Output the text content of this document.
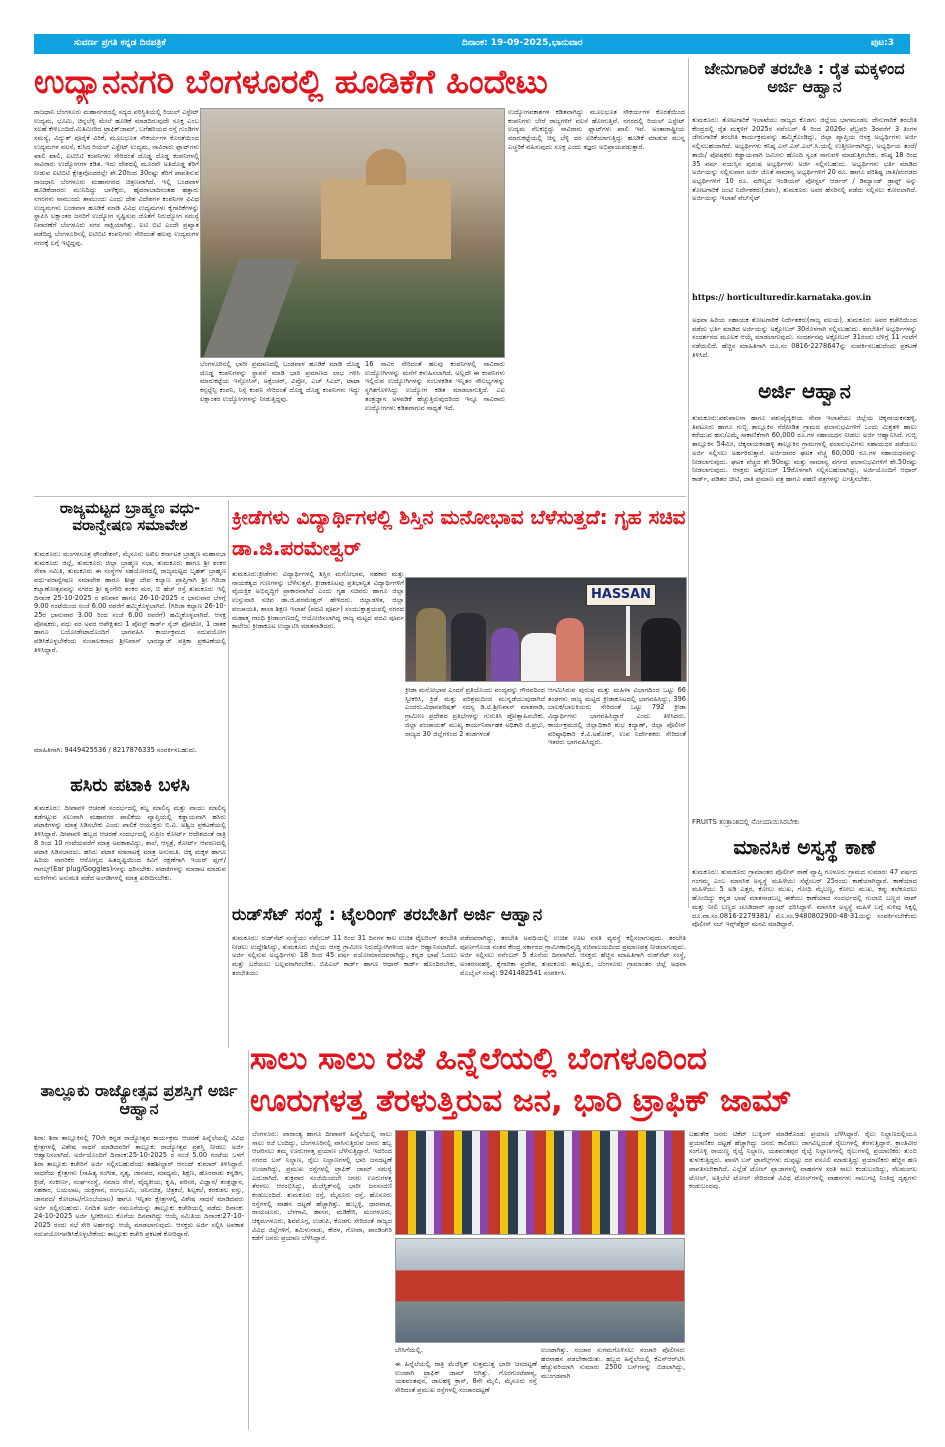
ಸುವರ್ಣ ಪ್ರಗತಿ ಕನ್ನಡ ದಿನಪತ್ರಿಕೆ	ದಿನಾಂಕ: 19-09-2025,ಭಾನುವಾರ	ಪುಟ:3
ಉದ್ಯಾನನಗರಿ ಬೆಂಗಳೂರಲ್ಲಿ ಹೂಡಿಕೆಗೆ ಹಿಂದೇಟು
ರಾಜಧಾನಿ ಬೆಂಗಳೂರು ಮಹಾನಗರದಲ್ಲಿ ಸದ್ಯದ ಪರಿಸ್ಥಿತಿಯಲ್ಲಿ ರಿಯಲ್ ಎಸ್ಟೇಟ್ ಉದ್ಯಮ, ಭೂಮಿ, ಚಿನ್ನಬೆಳ್ಳಿ ಮೇಲೆ ಹೂಡಿಕೆ ಮಾಡದಿರುವುದೇ ಸೂಕ್ತ ಎಂಬ ಸಲಹೆ ಕೇಳಿಬಂದಿದೆ.ಮಿತಿಮೀರಿದ ಟ್ರಾಫಿಕ್‌ಜಾಮ್, ಬಗೆಹರಿಯದ ರಸ್ತೆ ಗುಂಡಿಗಳ ಸಮಸ್ಯೆ, ವಿದ್ಯುತ್ ಪೂರೈಕೆ ವಿರಿಕೆ, ಮೂಲಭೂತ ಸೌಕರ್ಯಗಳ ಕೊರತೆಯಿಂದ ಉದ್ಯಮಗಳ ವಲಸೆ, ಕುಸಿದ ರಿಯಲ್ ಎಸ್ಟೇಟ್ ಉದ್ಯಮ, ಸಾವಿರಾರು ಫ್ಲಾಟ್‌ಗಳು ಖಾಲಿ ಖಾಲಿ, ಐಟಿಬಿಟಿ ಕಂಪನಿಗಳು ಸೇರಿದಂತೆ ದೊಡ್ಡ ದೊಡ್ಡ ಕಂಪನಿಗಳಲ್ಲಿ ಸಾವಿರಾರು ಉದ್ಯೋಗಗಳ ಕಡಿತ. ಇದು ದೇಶದಲ್ಲಿ ಮೂರನೇ ಅತಿದೊಡ್ಡ ತೆರಿಗೆ ನೀಡುವ ಐಟಿಬಿಟಿ ಕ್ಷೇತ್ರವೊಂದರಲ್ಲೇ ಶೇ.20ರಿಂದ 30ರಷ್ಟು ತೆರಿಗೆ ಪಾವತಿಸುವ ರಾಜಧಾನಿ ಬೆಂಗಳೂರು ಮಹಾನಗರದ ಚಿತ್ರಣವಾಗಿದೆ. ಇಲ್ಲಿ ಬಂಡವಾಳ ಹೂಡಿಕೆದಾರರು ಮುನಿದಿದ್ದು ಬಾಳೆಕ್ಕರು, ಹೈದರಾಬಾದಿನಂತಹ ಹತ್ತಾರು ನಗರಗಳು ನಾಮುಂದು ತಾಮುಂದು ಎಂದು ದೇಶ ವಿದೇಶಗಳ ಕಂಪನಿಗಳ ವಿವಿಧ ಉದ್ಯಮಗಳು ಬಂಡವಾಳ ಹೂಡಿಕೆ ಮಾಡಿ ವಿವಿಧ ಉದ್ಯಮಗಳು ಕೈಗಾರಿಕೆಗಳನ್ನು ಸ್ಥಾಪಿಸಿ ಲಕ್ಷಾಂತರ ಜನರಿಗೆ ಉದ್ಯೋಗ ಸೃಷ್ಟಿಸುವ ಜೊತೆಗೆ ನಿರುದ್ಯೋಗ ಸಮಸ್ಯೆ ನಿವಾರಣೆಗೆ ಬೆಂಗಳೂರು ನಗರ ಸಾಕ್ಷಿಯಾಗಿತ್ತು. ಐಟಿ ಬಿಟಿ ಎಂದೇ ಪ್ರಖ್ಯಾತ ಪಡೆದಿದ್ದ ಬೆಂಗಳೂರಿನಲ್ಲಿ ಐಟಿಬಿಟಿ ಕಂಪನಿಗಳು ಸೇರಿದಂತೆ ಹಲವು ಉದ್ಯಮಗಳ ನಗರಕ್ಕೆ ಲಗ್ಗೆ ಇಟ್ಟಿದ್ದವು.
ಬೆಂಗಳೂರಿನಲ್ಲಿ ಭಾರೀ ಪ್ರಮಾಣದಲ್ಲಿ ಬಂಡವಾಳ ಹೂಡಿಕೆ ಮಾಡಿ ದೊಡ್ಡ ದೊಡ್ಡ ಕಂಪನಿಗಳನ್ನು ಸ್ಥಾಪನೆ ಮಾಡಿ ಭಾರಿ ಪ್ರಮಾಣದ ಲಾಭ ಗಳಿಸಿ ಮಾರುಕಟ್ಟೆಯ ಇನ್ಫೋಸಿಸ್, ಅಕ್ಸೆಂಚರ್, ವಿಪ್ರೋ, ಎಚ್ ಸಿಎಲ್, ಟಾಟಾ ಕನ್ಸಲ್ಟೆನ್ಸಿ ಕಂಪನಿ, ನಿಸ್ಸೆ ಕಂಪನಿ ಸೇರಿದಂತೆ ದೊಡ್ಡ ದೊಡ್ಡ ಕಂಪನಿಗಳು ಇದ್ದು ಲಕ್ಷಾಂತರ ಉದ್ಯೋಗಗಳನ್ನು ನೀಡುತ್ತಿದ್ದವು.
16 ಸಾವಿರ ಸೇರಿದಂತೆ ಹಲವು ಕಂಪನಿಗಳಲ್ಲಿ ಸಾವಿರಾರು ಉದ್ಯೋಗಿಗಳನ್ನು ಮನೆಗೆ ಕಳುಹಿಸಲಾಗಿದೆ. ಅಲ್ಲದೇ ಈ ಕಂಪನಿಗಳು ಇಲ್ಲಿರುವ ಉದ್ಯೋಗಿಗಳನ್ನು ಸಂಬಳಕಡಿತ ಇನ್ನಿತರ ಸೌಲಭ್ಯಗಳನ್ನು ಸ್ಥಗಿತಗೊಳಿಸಿದ್ದು ಉದ್ಯೋಗ ಕಡಿತ ಮಾಡಲಾಗುತ್ತಿದೆ. ಎಐ ತಂತ್ರಜ್ಞಾನ ಅಳವಡಿಕೆ ಹೆಚ್ಚುತ್ತಿರುವುದರಿಂದ ಇನ್ನೂ ಸಾವಿರಾರು ಉದ್ಯೋಗಗಳು ಕಡಿತವಾಗುವ ಸಾಧ್ಯತೆ ಇದೆ.
ಉದ್ಯೋಗವಕಾಶಗಳ ಕಡಿತವಾಗಿದ್ದು ಮೂಲಭೂತ ಸೌಕರ್ಯಗಳ ಕೊರತೆಯಿಂದ ಕಂಪನಿಗಳು ಬೇರೆ ರಾಜ್ಯಗಳಿಗೆ ವಲಸೆ ಹೋಗುತ್ತಿವೆ. ನಗರದಲ್ಲಿ ರಿಯಲ್ ಎಸ್ಟೇಟ್ ಉದ್ಯಮ ನೆಲಕಚ್ಚಿದ್ದು ಸಾವಿರಾರು ಫ್ಲಾಟ್‌ಗಳು ಖಾಲಿ ಇವೆ. ಅಂತಾರಾಷ್ಟ್ರೀಯ ಮಾರುಕಟ್ಟೆಯಲ್ಲಿ ಚಿನ್ನ ಬೆಳ್ಳಿ ದರ ಏರಿಕೆಯಾಗುತ್ತಿದ್ದು ಹೂಡಿಕೆ ಮಾಡುವ ಮುನ್ನ ಎಚ್ಚರಿಕೆ ವಹಿಸುವುದು ಸೂಕ್ತ ಎಂದು ತಜ್ಞರು ಅಭಿಪ್ರಾಯಪಡುತ್ತಾರೆ.
ಜೇನುಗಾರಿಕೆ ತರಬೇತಿ : ರೈತ ಮಕ್ಕಳಿಂದ ಅರ್ಜಿ ಆಹ್ವಾನ
ತುಮಕೂರು: ತೋಟಗಾರಿಕೆ ಇಲಾಖೆಯು ರಾಜ್ಯದ ಕೊಡಗು ಜಿಲ್ಲೆಯ ಭಾಗಮಂಡಲ ಜೇನುಗಾರಿಕೆ ತರಬೇತಿ ಕೇಂದ್ರದಲ್ಲಿ ರೈತ ಮಕ್ಕಳಿಗೆ 2025ರ ನವೆಂಬರ್ 4 ರಿಂದ 2026ರ ಫೆಬ್ರವರಿ 3ರವರೆಗೆ 3 ತಿಂಗಳ ಜೇನುಗಾರಿಕೆ ತರಬೇತಿ ಕಾರ್ಯಕ್ರಮವನ್ನು ಹಮ್ಮಿಕೊಂಡಿದ್ದು, ಜಿಲ್ಲಾ ವ್ಯಾಪ್ತಿಯ ಆಸಕ್ತ ಅಭ್ಯರ್ಥಿಗಳು ಅರ್ಜಿ ಸಲ್ಲಿಸಬಹುದಾಗಿದೆ. ಅಭ್ಯರ್ಥಿಗಳು ಕನಿಷ್ಠ ಎಸ್.ಎಸ್.ಎಲ್.ಸಿ.ಯಲ್ಲಿ ಉತ್ತೀರ್ಣರಾಗಿದ್ದು, ಅಭ್ಯರ್ಥಿಯ ತಂದೆ/ತಾಯಿ/ ಪೋಷಕರು ಕಡ್ಡಾಯವಾಗಿ ಜಮೀನು ಹೊಂದಿ ಸ್ವಂತ ಸಾಗುವಳಿ ಮಾಡುತ್ತಿರಬೇಕು. ಕನಿಷ್ಠ 18 ರಿಂದ 35 ವರ್ಷ ವಯಸ್ಸಿನ ಪುರುಷ ಅಭ್ಯರ್ಥಿಗಳು ಅರ್ಜಿ ಸಲ್ಲಿಸಬಹುದು. ಅಭ್ಯರ್ಥಿಗಳು ಭರ್ತಿ ಮಾಡಿದ ಅರ್ಜಿಯನ್ನು ಸಲ್ಲಿಸುವಾಗ ಅರ್ಜಿ ಜೊತೆ ಸಾಮಾನ್ಯ ಅಭ್ಯರ್ಥಿಗಳಿಗೆ 20 ರೂ. ಹಾಗೂ ಪರಿಶಿಷ್ಟ ಜಾತಿ/ಪಂಗಡದ ಅಭ್ಯರ್ಥಿಗಳಿಗೆ 10 ರೂ. ಮೌಲ್ಯದ ಇಂಡಿಯನ್ ಪೋಸ್ಟಲ್ ಆರ್ಡರ್ / ಡಿಮ್ಯಾಂಡ್ ಡ್ರಾಫ್ಟ್ ಅನ್ನು ತೋಟಗಾರಿಕೆ ಜಂಟಿ ನಿರ್ದೇಶಕರು(ಜಿಪಂ), ತುಮಕೂರು ಅವರ ಹೆಸರಿನಲ್ಲಿ ಪಡೆದು ಸಲ್ಲಿಸಲು ಕೋರಲಾಗಿದೆ. ಅರ್ಜಿಯನ್ನು ಇಲಾಖೆ ವೆಬ್‌ಸೈಟ್
https:// horticulturedir.karnataka.gov.in
ಅಥವಾ ಹಿರಿಯ ಸಹಾಯಕ ತೋಟಗಾರಿಕೆ ನಿರ್ದೇಶಕರು(ರಾಜ್ಯ ವಲಯ), ತುಮಕೂರು ಅವರ ಕಚೇರಿಯಿಂದ ಪಡೆದು ಭರ್ತಿ ಮಾಡಿದ ಅರ್ಜಿಯನ್ನು ಅಕ್ಟೋಬರ್ 30ರೊಳಗಾಗಿ ಸಲ್ಲಿಸಬಹುದು. ತರಬೇತಿಗೆ ಅಭ್ಯರ್ಥಿಗಳನ್ನು ಸಂದರ್ಶನದ ಮೂಲಕ ಆಯ್ಕೆ ಮಾಡಲಾಗುವುದು. ಸಂದರ್ಶನವು ಅಕ್ಟೋಬರ್ 31ರಂದು ಬೆಳಿಗ್ಗೆ 11 ಗಂಟೆಗೆ ನಡೆಯಲಿದೆ. ಹೆಚ್ಚಿನ ಮಾಹಿತಿಗಾಗಿ ದೂ.ಸಂ 0816-2278647ನ್ನು ಸಂಪರ್ಕಿಸಬಹುದೆಂದು ಪ್ರಕಟಣೆ ತಿಳಿಸಿದೆ.
ಅರ್ಜಿ ಆಹ್ವಾನ
ತುಮಕೂರು:ಪಶುಪಾಲನಾ ಹಾಗೂ ಪಶುವೈದ್ಯಕೀಯ ಸೇವಾ ಇಲಾಖೆಯು ಜಿಲ್ಲೆಯ ಚಿಕ್ಕನಾಯಕನಹಳ್ಳಿ, ತಿಪಟೂರು ಹಾಗೂ ಗುಬ್ಬಿ ತಾಲ್ಲೂಕಿನ ನೆರೆಪೀಡಿತ ಗ್ರಾಮದ ಫಲಾನುಭವಿಗಳಿಗೆ ಒಂದು ಮಿಶ್ರತಳಿ ಹಾಲು ಕರೆಯುವ ಹಸು/ಎಮ್ಮೆ ಸಾಕಾಣಿಕೆಗಾಗಿ 60,000 ರೂ.ಗಳ ಸಹಾಯಧನ ನೀಡಲು ಅರ್ಜಿ ಆಹ್ವಾನಿಸಿದೆ. ಗುಬ್ಬಿ ತಾಲ್ಲೂಕಿನ 54ಮೀ, ಚಿಕ್ಕನಾಯಕನಹಳ್ಳಿ ತಾಲ್ಲೂಕಿನ ಗ್ರಾಮಗಳಲ್ಲಿ ಫಲಾನುಭವಿಗಳು ಸಹಾಯಧನ ಪಡೆಯಲು ಅರ್ಜಿ ಸಲ್ಲಿಸಲು ಅರ್ಹರಿರುತ್ತಾರೆ. ಅರ್ಜಿದಾರರ ಘಟಕ ವೆಚ್ಚ 60,000 ರೂ.ಗಳ ಸಹಾಯಧನವನ್ನು ನೀಡಲಾಗುವುದು. ಘಟಕ ವೆಚ್ಚದ ಶೇ.90ರಷ್ಟು ಮತ್ತು ಸಾಮಾನ್ಯ ವರ್ಗದ ಫಲಾನುಭವಿಗಳಿಗೆ ಶೇ.50ರಷ್ಟು ನೀಡಲಾಗುವುದು. ಆಸಕ್ತರು ಅಕ್ಟೋಬರ್ 19ರೊಳಗಾಗಿ ಸಲ್ಲಿಸಬಹುದಾಗಿದ್ದು, ಅರ್ಜಿಯೊಂದಿಗೆ ಆಧಾರ್ ಕಾರ್ಡ್, ಪಡಿತರ ಚೀಟಿ, ಜಾತಿ ಪ್ರಮಾಣ ಪತ್ರ ಹಾಗೂ ಪಹಣಿ ಪತ್ರಗಳನ್ನು ಲಗತ್ತಿಸಬೇಕು.
FRUITS ತಂತ್ರಾಂಶದಲ್ಲಿ ನೋಂದಾಯಿಸಿರಬೇಕು
ಮಾನಸಿಕ ಅಸ್ವಸ್ಥೆ ಕಾಣೆ
ತುಮಕೂರು: ತುಮಕೂರು ಗ್ರಾಮಾಂತರ ಪೊಲೀಸ್ ಠಾಣೆ ವ್ಯಾಪ್ತಿ ಗೂಳೂರು ಗ್ರಾಮದ ಸುಮಾರು 47 ವರ್ಷದ ಗಂಗಮ್ಮ ಎಂಬ ಮಾನಸಿಕ ಅಸ್ವಸ್ಥೆ ಮಹಿಳೆಯು ಸೆಪ್ಟೆಂಬರ್ 25ರಂದು ಕಾಣೆಯಾಗಿದ್ದಾರೆ. ಕಾಣೆಯಾದ ಮಹಿಳೆಯು 5 ಅಡಿ ಎತ್ತರ, ಕೋಲು ಮುಖ, ಗೋಧಿ ಮೈಬಣ್ಣ, ಕೋಲು ಮುಖ, ಕಪ್ಪು ತಲೆಕೂದಲು ಹೊಂದಿದ್ದು ಕನ್ನಡ ಭಾಷೆ ಮಾತನಾಡಬಲ್ಲ ಈಕೆಯು ಕಾಣೆಯಾದ ಸಂದರ್ಭದಲ್ಲಿ ಗುಲಾಬಿ ಬಣ್ಣದ ಟಾಪ್ ಮತ್ತು ನೀಲಿ ಬಣ್ಣದ ಚೂಡಿದಾರ್ ಪ್ಯಾಂಟ್ ಧರಿಸಿದ್ದಾಳೆ. ಮಾನಸಿಕ ಅಸ್ವಸ್ಥೆ ಮಹಿಳೆ ಬಗ್ಗೆ ಸುಳಿವು ಸಿಕ್ಕಲ್ಲಿ ದೂ.ವಾ.ಸಂ.0816-2279381/ ಮೊ.ಸಂ.9480802900-48-31ಯನ್ನು ಸಂಪರ್ಕಿಸಬೇಕೆಂದು ಪೊಲೀಸ್ ಸಬ್ ಇನ್ಸ್‌ಪೆಕ್ಟರ್ ಮನವಿ ಮಾಡಿದ್ದಾರೆ.
ರಾಜ್ಯಮಟ್ಟದ ಬ್ರಾಹ್ಮಣ ವಧು-ವರಾನ್ವೇಷಣ ಸಮಾವೇಶ
ತುಮಕೂರು: ಮಂಗಳಸೂತ್ರ ಫೌಂಡೇಶನ್, ಮೈಸೂರು ಅಖಿಲ ಕರ್ನಾಟಕ ಬ್ರಾಹ್ಮಣ ಮಹಾಸಭಾ ತುಮಕೂರು ಜಿಲ್ಲೆ, ತುಮಕೂರು ಜಿಲ್ಲಾ ಬ್ರಾಹ್ಮಣ ಸಭಾ, ತುಮಕೂರು ಹಾಗೂ ಶ್ರೀ ಶಂಕರ ಸೇವಾ ಸಮಿತಿ, ತುಮಕೂರು ಈ ಸಂಸ್ಥೆಗಳ ಸಹಯೋಗದಲ್ಲಿ ರಾಜ್ಯಮಟ್ಟದ ಬೃಹತ್ ಬ್ರಾಹ್ಮಣ ವಧು-ವರಾನ್ವೇಷಣ ಸಮಾವೇಶ ಹಾಗೂ ಶೀಘ್ರ ದೇವ ಕಲ್ಯಾಣ ಪ್ರಾಪ್ತಿಗಾಗಿ ಶ್ರೀ ಗಿರಿಜಾ ಕಲ್ಯಾಣೋತ್ಸವವನ್ನು ನಗರದ ಶ್ರೀ ಶೃಂಗೇರಿ ಶಂಕರ ಮಠ, ಬಿ ಹೆಚ್ ರಸ್ತೆ ತುಮಕೂರು ಇಲ್ಲಿ ದಿನಾಂಕ 25-10-2025 ರ ಶನಿವಾರ ಹಾಗೂ 26-10-2025 ರ ಭಾನುವಾರ ಬೆಳಗ್ಗೆ 9.00 ಗಂಟೆಯಿಂದ ಸಂಜೆ 6.00 ರವರೆಗೆ ಹಮ್ಮಿಕೊಳ್ಳಲಾಗಿದೆ. (ಗಿರಿಜಾ ಕಲ್ಯಾಣ 26-10-25ರ ಭಾನುವಾರ 3.00 ರಿಂದ ಸಂಜೆ 6.00 ರವರೆಗೆ) ಹಮ್ಮಿಕೊಳ್ಳಲಾಗಿದೆ. ಆಸಕ್ತ ಪೋಷಕರು, ವಧು ವರ ಅವರ ಆಪೇಕ್ಷಿತರು 1 ಪೋಸ್ಟ್ ಕಾರ್ಡ್ ಸೈಜ್ ಫೋಟೋ, 1 ಜಾತಕ ಹಾಗೂ ಬಯೋಡೇಟಾದೊಂದಿಗೆ ಭಾಗವಹಿಸಿ ಕಾರ್ಯಕ್ರಮದ ಸದುಪಯೋಗ ಪಡಿಸಿಕೊಳ್ಳಬೇಕೆಂದು ಸಂಚಾಲಕರಾದ ಶ್ರೀನಿವಾಸ್ ಭಾರದ್ವಾಜ್ ಪತ್ರಿಕಾ ಪ್ರಕಟಣೆಯಲ್ಲಿ ತಿಳಿಸಿದ್ದಾರೆ.
ಮಾಹಿತಿಗಾಗಿ: 9449425536 / 8217876335 ಸಂಪರ್ಕಿಸಬಹುದು.
ಹಸಿರು ಪಟಾಕಿ ಬಳಸಿ
ತುಮಕೂರು: ದೀಪಾವಳಿ ಆಚರಣೆ ಸಂದರ್ಭದಲ್ಲಿ ಶಬ್ದ ಮಾಲಿನ್ಯ ಮತ್ತು ವಾಯು ಮಾಲಿನ್ಯ ತಡೆಗಟ್ಟುವ ಸಲುವಾಗಿ ಮಹಾನಗರ ಪಾಲಿಕೆಯ ವ್ಯಾಪ್ತಿಯಲ್ಲಿ ಕಡ್ಡಾಯವಾಗಿ ಹಸಿರು ಪಟಾಕಿಗಳನ್ನು ಮಾತ್ರ ಸಿಡಿಸಬೇಕು ಎಂದು ಪಾಲಿಕೆ ಆಯುಕ್ತರು ಬಿ.ವಿ. ಅಶ್ವಿಜ ಪ್ರಕಟಣೆಯಲ್ಲಿ ತಿಳಿಸಿದ್ದಾರೆ. ದೀಪಾವಳಿ ಹಬ್ಬದ ಆಚರಣೆ ಸಂದರ್ಭದಲ್ಲಿ ಸುಪ್ರೀಂ ಕೋರ್ಟ್ ಆದೇಶದಂತೆ ರಾತ್ರಿ 8 ರಿಂದ 10 ಗಂಟೆಯವರೆಗೆ ಮಾತ್ರ ಅವಕಾಶವಿದ್ದು, ಶಾಲೆ, ಆಸ್ಪತ್ರೆ, ಕೋರ್ಟ್ ಆವರಣದಲ್ಲಿ ಪಟಾಕಿ ಸಿಡಿಸಬಾರದು. ಹಸಿರು ಪಟಾಕಿ ಮಾರಾಟಕ್ಕೆ ಮಾತ್ರ ಅನುಮತಿ. ಚಿಕ್ಕ ಮಕ್ಕಳ ಹಾಗೂ ಹಿರಿಯ ನಾಗರಿಕರ ಆರೋಗ್ಯದ ಹಿತದೃಷ್ಟಿಯಿಂದ ಕಿವಿಗೆ ರಕ್ಷಣೆಗಾಗಿ ಇಯರ್ ಪ್ಲಗ್/ಗಾಗಲ್ಸ್(Ear plug/Goggles)ಗಳನ್ನು ಧರಿಸಬೇಕು. ಪಟಾಕಿಗಳನ್ನು ಮಾರಾಟ ಮಾಡುವ ಮಳಿಗೆಗಳು ಅನುಮತಿ ಪಡೆದ ಅಂಗಡಿಗಳಲ್ಲಿ ಮಾತ್ರ ಖರೀದಿಸಬೇಕು.
ಕ್ರೀಡೆಗಳು ವಿದ್ಯಾರ್ಥಿಗಳಲ್ಲಿ ಶಿಸ್ತಿನ ಮನೋಭಾವ ಬೆಳೆಸುತ್ತದೆ: ಗೃಹ ಸಚಿವ ಡಾ.ಜಿ.ಪರಮೇಶ್ವರ್
ತುಮಕೂರು:ಕ್ರೀಡೆಗಳು ವಿದ್ಯಾರ್ಥಿಗಳಲ್ಲಿ ಶಿಸ್ತಿನ ಮನೋಭಾವ, ಸಹಕಾರ ಮತ್ತು ನಾಯಕತ್ವದ ಗುಣಗಳನ್ನು ಬೆಳೆಸುತ್ತವೆ. ಕ್ರೀಡಾಕೂಟವು ಪ್ರತಿಭಾನ್ವಿತ ವಿದ್ಯಾರ್ಥಿಗಳಿಗೆ ವೈಯಕ್ತಿಕ ಅಭಿವೃದ್ಧಿಗೆ ಪ್ರಾಕಾರವಾಗಿದೆ ಎಂದು ಗೃಹ ಸಚಿವರು ಹಾಗೂ ಜಿಲ್ಲಾ ಉಸ್ತುವಾರಿ ಸಚಿವ ಡಾ.ಜಿ.ಪರಮೇಶ್ವರ್ ಹೇಳಿದರು. ಜಿಲ್ಲಾಡಳಿತ, ಜಿಲ್ಲಾ ಪಂಚಾಯತಿ, ಶಾಲಾ ಶಿಕ್ಷಣ ಇಲಾಖೆ (ಪದವಿ ಪೂರ್ವ) ಸಂಯುಕ್ತಾಶ್ರಯದಲ್ಲಿ ನಗರದ ಮಹಾತ್ಮ ಗಾಂಧಿ ಕ್ರೀಡಾಂಗಣದಲ್ಲಿ ಆಯೋಜಿಸಲಾಗಿದ್ದ ರಾಜ್ಯ ಮಟ್ಟದ ಪದವಿ ಪೂರ್ವ ಕಾಲೇಜು ಕ್ರೀಡಾಕೂಟ ಉದ್ಘಾಟಿಸಿ ಮಾತನಾಡಿದರು.
HASSAN
ಕ್ರೀಡಾ ಮನೋಭಾವ ಎಂದರೆ ಪ್ರತಿಯೊಂದು ಪಂದ್ಯವನ್ನು ಗೌರವದಿಂದ ಸ್ವೀಕರಿಸಿ, ಕ್ರಿಡೆ ಮತ್ತು ಪರಿಶ್ರಮದಿಂದ ಮುನ್ನಡೆಯುವುದಾಗಿದೆ ಎಂದರು.ವಿಧಾನಪರಿಷತ್ ಸದಸ್ಯ ಡಿ.ಟಿ.ಶ್ರೀನಿವಾಸ್ ಮಾತನಾಡಿ, ಗ್ರಾಮೀಣ ಪ್ರದೇಶದ ಪ್ರತಿಭೆಗಳನ್ನು ಗುರುತಿಸಿ ಪ್ರೋತ್ಸಾಹಿಸಬೇಕು. ಜಿಲ್ಲಾ ಪಂಚಾಯತ್ ಮುಖ್ಯ ಕಾರ್ಯನಿರ್ವಾಹಕ ಅಧಿಕಾರಿ ಜಿ.ಪ್ರಭು, ರಾಜ್ಯದ 30 ಜಿಲ್ಲೆಗಳಿಂದ 2 ತಂಡಗಳಂತೆ
ಆಗಮಿಸಿರುವ ಪುರುಷ ಮತ್ತು ಮಹಿಳಾ ವಿಭಾಗದಿಂದ ಒಟ್ಟು 66 ತಂಡಗಳು ರಾಜ್ಯ ಮಟ್ಟದ ಕ್ರೀಡಾಕೂಟದಲ್ಲಿ ಭಾಗವಹಿಸಿದ್ದು, 396 ಬಾಲಕ/ಬಾಲಕಿಯರು ಸೇರಿದಂತೆ ಒಟ್ಟು 792 ಕ್ರೀಡಾ ವಿದ್ಯಾರ್ಥಿಗಳು ಭಾಗವಹಿಸಿದ್ದಾರೆ ಎಂದು ತಿಳಿಸಿದರು. ಕಾರ್ಯಕ್ರಮದಲ್ಲಿ ಜಿಲ್ಲಾಧಿಕಾರಿ ಶುಭ ಕಲ್ಯಾಣ್, ಜಿಲ್ಲಾ ಪೊಲೀಸ್ ವರಿಷ್ಠಾಧಿಕಾರಿ ಕೆ.ವಿ.ಅಶೋಕ್, ಉಪ ನಿರ್ದೇಶಕರು ಸೇರಿದಂತೆ ಇತರರು ಭಾಗವಹಿಸಿದ್ದರು.
ರುಡ್‌ಸೆಟ್ ಸಂಸ್ಥೆ : ಟೈಲರಿಂಗ್ ತರಬೇತಿಗೆ ಅರ್ಜಿ ಆಹ್ವಾನ
ತುಮಕೂರು: ರುಡ್‌ಸೆಟ್ ಸಂಸ್ಥೆಯು ನವೆಂಬರ್ 11 ರಿಂದ 31 ದಿನಗಳ ಕಾಲ ಉಚಿತ ಟೈಲರಿಂಗ್ ತರಬೇತಿ ನೀಡಲು ಉದ್ದೇಶಿಸಿದ್ದು, ತುಮಕೂರು ಜಿಲ್ಲೆಯ ಆಸಕ್ತ ಗ್ರಾಮೀಣ ನಿರುದ್ಯೋಗಿಗಳಿಂದ ಅರ್ಜಿ ಆಹ್ವಾನಿಸಲಾಗಿದೆ. ಅರ್ಜಿ ಸಲ್ಲಿಸುವ ಅಭ್ಯರ್ಥಿಗಳು 18 ರಿಂದ 45 ವರ್ಷ ವಯೋಮಾನದವರಾಗಿದ್ದು, ಕನ್ನಡ ಭಾಷೆ ಓದಲು ಮತ್ತು ಬರೆಯಲು ಬಲ್ಲವರಾಗಿರಬೇಕು. ಬಿಪಿಎಲ್ ಕಾರ್ಡ್ ಹಾಗೂ ಆಧಾರ್ ಕಾರ್ಡ್ ಹೊಂದಿರಬೇಕು, ತರಬೇತಿಯು
ಪಡೆದವರಾಗಿದ್ದು, ತರಬೇತಿ ಅವಧಿಯಲ್ಲಿ ಉಚಿತ ಊಟ ವಸತಿ ವ್ಯವಸ್ಥೆ ಕಲ್ಪಿಸಲಾಗುವುದು. ತರಬೇತಿ ಪೂರ್ಣಗೊಂಡ ನಂತರ ಕೇಂದ್ರ ಸರ್ಕಾರದ ಗ್ರಾಮೀಣಾಭಿವೃದ್ಧಿ ಸಚಿವಾಲಯದಿಂದ ಪ್ರಮಾಣಪತ್ರ ನೀಡಲಾಗುವುದು. ಅರ್ಜಿ ಸಲ್ಲಿಸಲು ನವೆಂಬರ್ 5 ಕೊನೆಯ ದಿನವಾಗಿದೆ. ಆಸಕ್ತರು ಹೆಚ್ಚಿನ ಮಾಹಿತಿಗಾಗಿ ರುಡ್‌ಸೆಟ್ ಸಂಸ್ಥೆ, ಅಂತರಸನಹಳ್ಳಿ, ಕೈಗಾರಿಕಾ ಪ್ರದೇಶ, ತುಮಕೂರು ತಾಲ್ಲೂಕು, ಬೆಂಗಳೂರು ಗ್ರಾಮಾಂತರ ಜಿಲ್ಲೆ ಅಥವಾ ಮೊಬೈಲ್ ಸಂಖ್ಯೆ: 9241482541 ಸಂಪರ್ಕಿಸಿ.
ಸಾಲು ಸಾಲು ರಜೆ ಹಿನ್ನೆಲೆಯಲ್ಲಿ ಬೆಂಗಳೂರಿಂದ
ಊರುಗಳತ್ತ ತೆರಳುತ್ತಿರುವ ಜನ, ಭಾರಿ ಟ್ರಾಫಿಕ್ ಜಾಮ್
ತಾಲ್ಲೂಕು ರಾಜ್ಯೋತ್ಸವ ಪ್ರಶಸ್ತಿಗೆ ಅರ್ಜಿ ಆಹ್ವಾನ
ಶಿರಾ: ಶಿರಾ ತಾಲ್ಲೂಕಿನಲ್ಲಿ 70ನೇ ಕನ್ನಡ ರಾಜ್ಯೋತ್ಸವ ಕಾರ್ಯಕ್ರಮ ಆಚರಣೆ ಹಿನ್ನೆಲೆಯಲ್ಲಿ ವಿವಿಧ ಕ್ಷೇತ್ರಗಳಲ್ಲಿ ವಿಶೇಷ ಸಾಧನೆ ಮಾಡಿದವರಿಗೆ ತಾಲ್ಲೂಕು ರಾಜ್ಯೋತ್ಸವ ಪ್ರಶಸ್ತಿ ನೀಡಲು ಅರ್ಜಿ ಆಹ್ವಾನಿಸಲಾಗಿದೆ. ಅರ್ಜಿಯೊಂದಿಗೆ ದಿನಾಂಕ:25-10-2025 ರ ಸಂಜೆ 5.00 ಗಂಟೆಯ ಒಳಗೆ ಶಿರಾ ತಾಲ್ಲೂಕು ಕಚೇರಿಗೆ ಅರ್ಜಿ ಸಲ್ಲಿಸಬಹುದೆಂದು ತಹಶೀಲ್ದಾರ್ ಆನಂದ್ ಕುಮಾರ್ ತಿಳಿಸಿದ್ದಾರೆ. ಸಾಧನೆಯ ಕ್ಷೇತ್ರಗಳು (ಸಾಹಿತ್ಯ ಸಂಗೀತ, ನೃತ್ಯ, ಜಾನಪದ, ಮಾಧ್ಯಮ, ಶಿಕ್ಷಣ, ಹೊರನಾಡು ಕನ್ನಡಿಗ, ಕ್ರೀಡೆ, ಸಂಕೀರ್ಣ, ಸಂಘ-ಸಂಸ್ಥೆ, ಸಮಾಜ ಸೇವೆ, ವೈದ್ಯಕೀಯ, ಕೃಷಿ, ಪರಿಸರ, ವಿಜ್ಞಾನ/ ತಂತ್ರಜ್ಞಾನ, ಸಹಕಾರ, ಬಯಲಾಟ, ಯಕ್ಷಗಾನ, ರಂಗಭೂಮಿ, ಚಲನಚಿತ್ರ, ಚಿತ್ರಕಲೆ, ಶಿಲ್ಪಕಲೆ, ಕರಕುಶಲ ವಸ್ತು, ಜಾನಪದ/ ಕೋಲಾಟ/ಗೊಂಬೆಯಾಟ) ಹಾಗೂ ಇನ್ನಿತರ ಕ್ಷೇತ್ರಗಳಲ್ಲಿ ವಿಶೇಷ ಸಾಧನೆ ಮಾಡಿದವರು ಅರ್ಜಿ ಸಲ್ಲಿಸಬಹುದು. ನಿಗದಿತ ಅರ್ಜಿ ನಮೂನೆಯನ್ನು ತಾಲ್ಲೂಕು ಕಚೇರಿಯಲ್ಲಿ ಪಡೆದು ದಿನಾಂಕ: 24-10-2025 ಅರ್ಜಿ ಸ್ವೀಕರಿಸಲು ಕೊನೆಯ ದಿನವಾಗಿದ್ದು ಆಯ್ಕೆ ಸಮಿತಿಯ ದಿನಾಂಕ:27-10-2025 ರಂದು ಸಭೆ ಸೇರಿ ಅರ್ಹರನ್ನು ಆಯ್ಕೆ ಮಾಡಲಾಗುವುದು. ಆಸಕ್ತರು ಅರ್ಜಿ ಸಲ್ಲಿಸಿ ಅವಕಾಶ ಸದುಪಯೋಗಪಡಿಸಿಕೊಳ್ಳಬೇಕೆಂದು ತಾಲ್ಲೂಕು ಕಚೇರಿ ಪ್ರಕಟಣೆ ಕೋರಿದ್ದಾರೆ.
ಬೆಂಗಳೂರು: ವಾರಾಂತ್ಯ ಹಾಗೂ ದೀಪಾವಳಿ ಹಿನ್ನೆಲೆಯಲ್ಲಿ ಸಾಲು ಸಾಲು ರಜೆ ಬಂದಿದ್ದು, ಬೆಂಗಳೂರಿನಲ್ಲಿ ವಾಸಿಸುತ್ತಿರುವ ಜನರು ಹಬ್ಬ ಆಚರಿಸಲು ತಮ್ಮ ಊರುಗಳತ್ತ ಪ್ರಯಾಣ ಬೆಳೆಸುತ್ತಿದ್ದಾರೆ. ಇದರಿಂದ ನಗರದ ಬಸ್ ನಿಲ್ದಾಣ, ರೈಲು ನಿಲ್ದಾಣಗಳಲ್ಲಿ ಭಾರಿ ಜನದಟ್ಟಣೆ ಉಂಟಾಗಿದ್ದು, ಪ್ರಮುಖ ರಸ್ತೆಗಳಲ್ಲಿ ಟ್ರಾಫಿಕ್ ಜಾಮ್ ಸಮಸ್ಯೆ ಎದುರಾಗಿದೆ. ಶುಕ್ರವಾರ ಸಂಜೆಯಿಂದಲೇ ಜನರು ಊರುಗಳತ್ತ ತೆರಳಲು ಆರಂಭಿಸಿದ್ದು, ಮೆಜೆಸ್ಟಿಕ್‌ನಲ್ಲಿ ಭಾರೀ ಜನಸಂದಣಿ ಕಂಡುಬಂದಿದೆ. ತುಮಕೂರು ರಸ್ತೆ, ಮೈಸೂರು ರಸ್ತೆ, ಹೊಸೂರು ರಸ್ತೆಗಳಲ್ಲಿ ವಾಹನ ದಟ್ಟಣೆ ಹೆಚ್ಚಾಗಿತ್ತು. ಹುಬ್ಬಳ್ಳಿ, ಧಾರವಾಡ, ರಾಯಚೂರು, ಬೆಳಗಾವಿ, ಹಾಸನ, ಮಡಿಕೇರಿ, ಮಂಗಳೂರು, ಚಿಕ್ಕಮಗಳೂರು, ಶಿವಮೊಗ್ಗ, ಉಡುಪಿ, ಕೊಡಗು ಸೇರಿದಂತೆ ರಾಜ್ಯದ ವಿವಿಧ ಜಿಲ್ಲೆಗಳಿಗೆ, ತಮಿಳುನಾಡು, ಕೇರಳ, ಗೋವಾ, ಪಾಂಡಿಚೇರಿ ಕಡೆಗೆ ಜನರು ಪ್ರಯಾಣ ಬೆಳೆಸಿದ್ದಾರೆ.
ಬೇಸಿಗೆಯಲ್ಲಿ.
ಈ ಹಿನ್ನೆಲೆಯಲ್ಲಿ ರಾತ್ರಿ ಮೆಜೆಸ್ಟಿಕ್ ಸುತ್ತಮುತ್ತ ಭಾರೀ ಜನದಟ್ಟಣೆ ಉಂಟಾಗಿ ಟ್ರಾಫಿಕ್ ಜಾಮ್ ಆಗಿತ್ತು. ಗೊರಗುಂಟೆಪಾಳ್ಯ, ಯಶವಂತಪುರ, ಜಾಲಹಳ್ಳಿ ಕ್ರಾಸ್, 8ನೇ ಮೈಲಿ, ಮೈಸೂರು ರಸ್ತೆ ಸೇರಿದಂತೆ ಪ್ರಮುಖ ರಸ್ತೆಗಳಲ್ಲಿ ಸಂಚಾರದಟ್ಟಣೆ
ಉಂಟಾಗಿತ್ತು. ಸಂಚಾರ ಸುಗಮಗೊಳಿಸಲು ಸಂಚಾರಿ ಪೊಲೀಸರು ಹರಸಾಹಸ ಪಡಬೇಕಾಯಿತು. ಹಬ್ಬದ ಹಿನ್ನೆಲೆಯಲ್ಲಿ ಕೆಎಸ್ಆರ್‌ಟಿಸಿ ಹೆಚ್ಚುವರಿಯಾಗಿ ಸುಮಾರು 2500 ಬಸ್‌ಗಳನ್ನು ಬಿಡಲಾಗಿದ್ದು, ಮುಂಗಡವಾಗಿ
ಬಹುತೇಕ ಜನರು ಟಿಕೆಟ್ ಬುಕ್ಕಿಂಗ್ ಮಾಡಿಕೊಂಡು ಪ್ರಯಾಣ ಬೆಳೆಸಿದ್ದಾರೆ. ರೈಲು ನಿಲ್ದಾಣದಲ್ಲಿಯೂ ಪ್ರಯಾಣಿಕರ ದಟ್ಟಣೆ ಹೆಚ್ಚಾಗಿದ್ದು ಜನರು ಕಾಲಿಡಲು ಜಾಗವಿಲ್ಲದಂತೆ ರೈಲುಗಳಲ್ಲಿ ತೆರಳುತ್ತಿದ್ದಾರೆ. ಕ್ರಾಂತಿವೀರ ಸಂಗೊಳ್ಳಿ ರಾಯಣ್ಣ ರೈಲ್ವೆ ನಿಲ್ದಾಣ, ಯಶವಂತಪುರ ರೈಲ್ವೆ ನಿಲ್ದಾಣಗಳಲ್ಲಿ ರೈಲುಗಳಲ್ಲಿ ಪ್ರಯಾಣಿಕರು ತುಂಬಿ ತುಳುಕುತ್ತಿದ್ದರು. ಖಾಸಗಿ ಬಸ್ ಟ್ರಾವೆಲ್ಸ್‌ಗಳು ದುಪ್ಪಟ್ಟು ದರ ವಸೂಲಿ ಮಾಡುತ್ತಿದ್ದು ಪ್ರಯಾಣಿಕರು ಹೆಚ್ಚಿನ ಹಣ ಪಾವತಿಸಬೇಕಾಗಿದೆ. ಎಲ್ಲೆಡೆ ಟೋಲ್ ಪ್ಲಾಜಾಗಳಲ್ಲಿ ವಾಹನಗಳ ಸರತಿ ಸಾಲು ಕಂಡುಬಂದಿದ್ದು, ನೆಲಮಂಗಲ ಟೋಲ್, ಅತ್ತಿಬೆಲೆ ಟೋಲ್ ಸೇರಿದಂತೆ ವಿವಿಧ ಟೋಲ್‌ಗಳಲ್ಲಿ ವಾಹನಗಳು ಸಾಲುಗಟ್ಟಿ ನಿಂತಿದ್ದ ದೃಶ್ಯಗಳು ಕಂಡುಬಂದವು.
